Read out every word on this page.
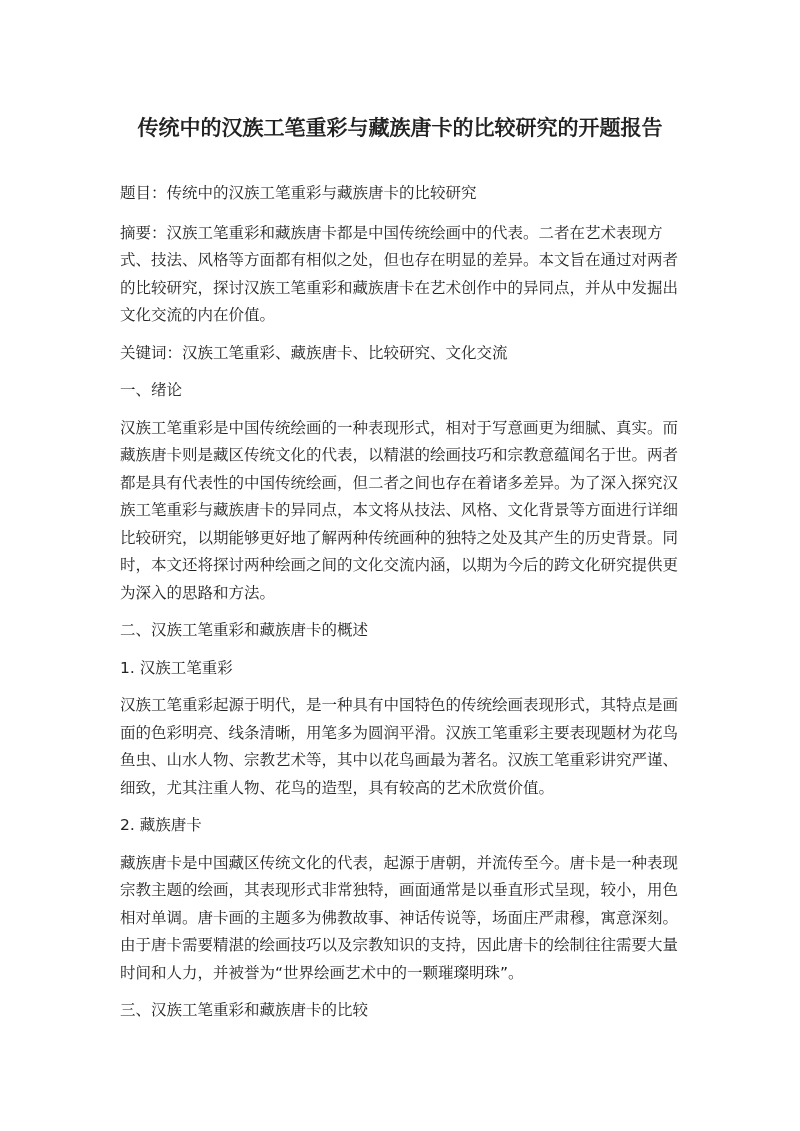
传统中的汉族工笔重彩与藏族唐卡的比较研究的开题报告

题目：传统中的汉族工笔重彩与藏族唐卡的比较研究

摘要：汉族工笔重彩和藏族唐卡都是中国传统绘画中的代表。二者在艺术表现方式、技法、风格等方面都有相似之处，但也存在明显的差异。本文旨在通过对两者的比较研究，探讨汉族工笔重彩和藏族唐卡在艺术创作中的异同点，并从中发掘出文化交流的内在价值。

关键词：汉族工笔重彩、藏族唐卡、比较研究、文化交流

一、绪论

汉族工笔重彩是中国传统绘画的一种表现形式，相对于写意画更为细腻、真实。而藏族唐卡则是藏区传统文化的代表，以精湛的绘画技巧和宗教意蕴闻名于世。两者都是具有代表性的中国传统绘画，但二者之间也存在着诸多差异。为了深入探究汉族工笔重彩与藏族唐卡的异同点，本文将从技法、风格、文化背景等方面进行详细比较研究，以期能够更好地了解两种传统画种的独特之处及其产生的历史背景。同时，本文还将探讨两种绘画之间的文化交流内涵，以期为今后的跨文化研究提供更为深入的思路和方法。

二、汉族工笔重彩和藏族唐卡的概述

1. 汉族工笔重彩

汉族工笔重彩起源于明代，是一种具有中国特色的传统绘画表现形式，其特点是画面的色彩明亮、线条清晰，用笔多为圆润平滑。汉族工笔重彩主要表现题材为花鸟鱼虫、山水人物、宗教艺术等，其中以花鸟画最为著名。汉族工笔重彩讲究严谨、细致，尤其注重人物、花鸟的造型，具有较高的艺术欣赏价值。

2. 藏族唐卡

藏族唐卡是中国藏区传统文化的代表，起源于唐朝，并流传至今。唐卡是一种表现宗教主题的绘画，其表现形式非常独特，画面通常是以垂直形式呈现，较小，用色相对单调。唐卡画的主题多为佛教故事、神话传说等，场面庄严肃穆，寓意深刻。由于唐卡需要精湛的绘画技巧以及宗教知识的支持，因此唐卡的绘制往往需要大量时间和人力，并被誉为“世界绘画艺术中的一颗璀璨明珠”。

三、汉族工笔重彩和藏族唐卡的比较
